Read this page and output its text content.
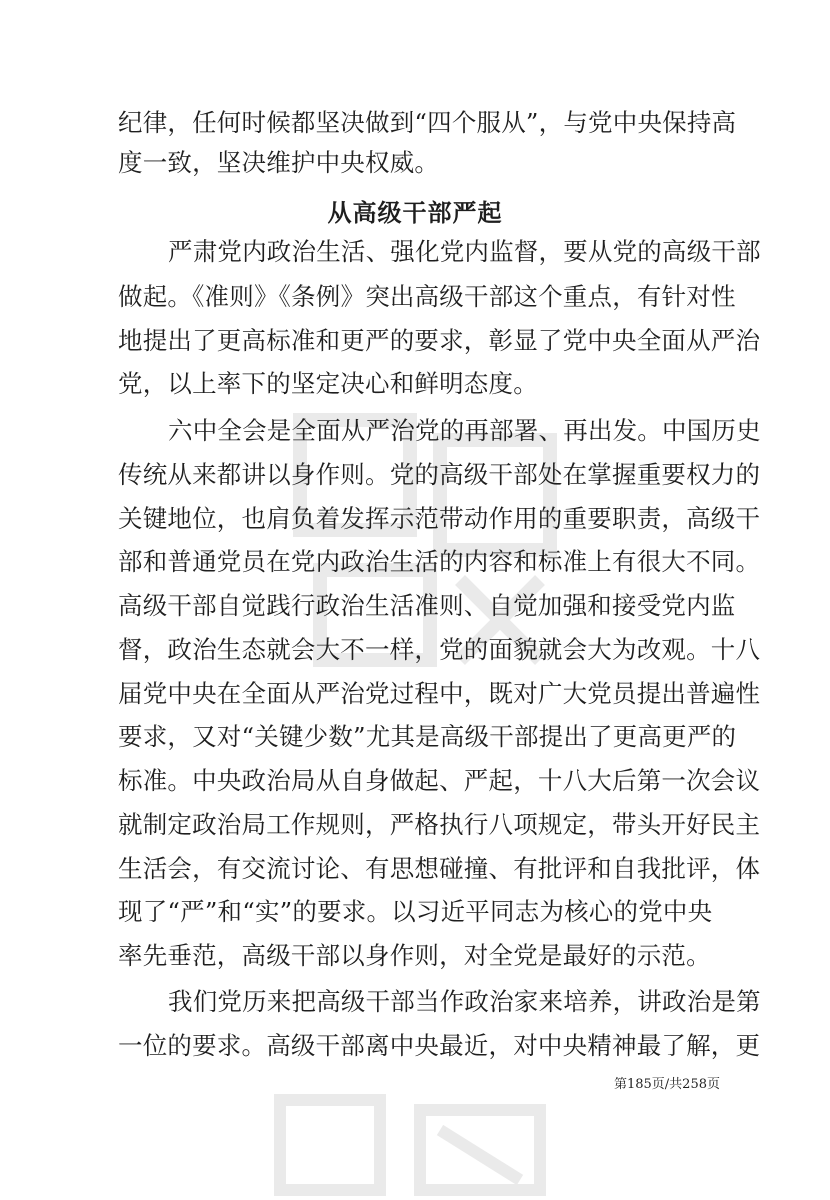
纪律，任何时候都坚决做到“四个服从”，与党中央保持高
度一致，坚决维护中央权威。
从高级干部严起
严肃党内政治生活、强化党内监督，要从党的高级干部
做起。《准则》《条例》突出高级干部这个重点，有针对性
地提出了更高标准和更严的要求，彰显了党中央全面从严治
党，以上率下的坚定决心和鲜明态度。
六中全会是全面从严治党的再部署、再出发。中国历史
传统从来都讲以身作则。党的高级干部处在掌握重要权力的
关键地位，也肩负着发挥示范带动作用的重要职责，高级干
部和普通党员在党内政治生活的内容和标准上有很大不同。
高级干部自觉践行政治生活准则、自觉加强和接受党内监
督，政治生态就会大不一样，党的面貌就会大为改观。十八
届党中央在全面从严治党过程中，既对广大党员提出普遍性
要求，又对“关键少数”尤其是高级干部提出了更高更严的
标准。中央政治局从自身做起、严起，十八大后第一次会议
就制定政治局工作规则，严格执行八项规定，带头开好民主
生活会，有交流讨论、有思想碰撞、有批评和自我批评，体
现了“严”和“实”的要求。以习近平同志为核心的党中央
率先垂范，高级干部以身作则，对全党是最好的示范。
我们党历来把高级干部当作政治家来培养，讲政治是第
一位的要求。高级干部离中央最近，对中央精神最了解，更
第185页/共258页
